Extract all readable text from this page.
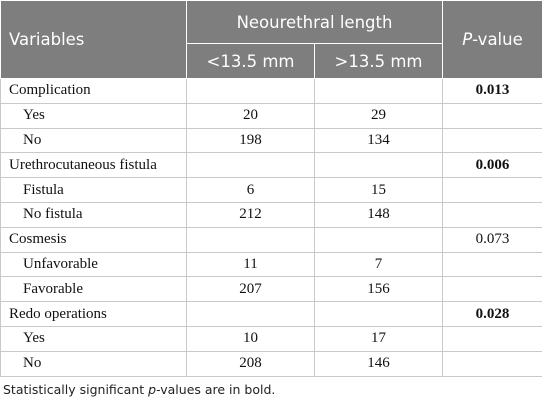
Variables	Neourethral length		P-value
	<13.5 mm	>13.5 mm	
Complication			0.013
Yes	20	29	
No	198	134	
Urethrocutaneous fistula			0.006
Fistula	6	15	
No fistula	212	148	
Cosmesis			0.073
Unfavorable	11	7	
Favorable	207	156	
Redo operations			0.028
Yes	10	17	
No	208	146	
Statistically significant p-values are in bold.
